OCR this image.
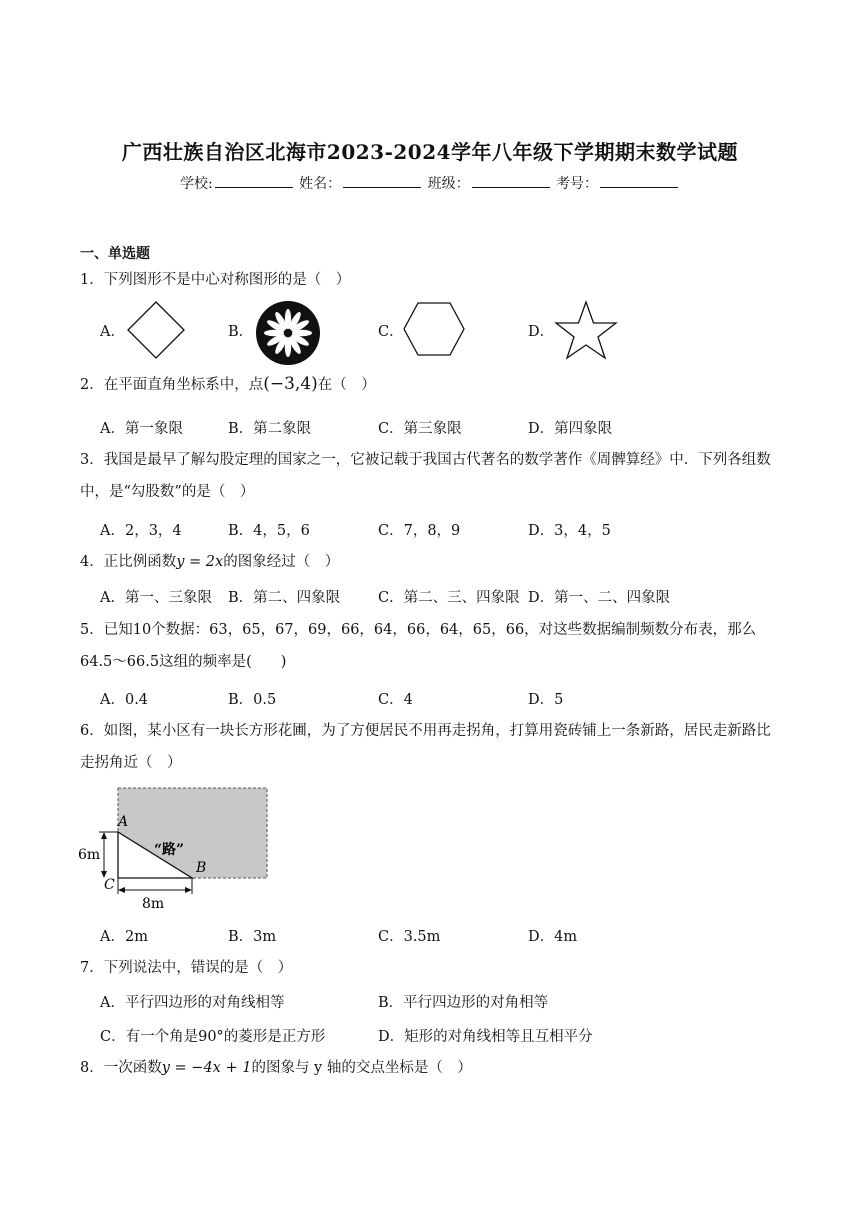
广西壮族自治区北海市2023-2024学年八年级下学期期末数学试题
学校:	姓名：	班级：	考号：
一、单选题
1．下列图形不是中心对称图形的是（　）
A．	B．	C．	D．
2．在平面直角坐标系中，点(−3,4)在（　）
A．第一象限	B．第二象限	C．第三象限	D．第四象限
3．我国是最早了解勾股定理的国家之一，它被记载于我国古代著名的数学著作《周髀算经》中．下列各组数中，是“勾股数”的是（　）
A．2，3，4	B．4，5，6	C．7，8，9	D．3，4，5
4．正比例函数y = 2x的图象经过（　）
A．第一、三象限 B．第二、四象限	C．第二、三、四象限 D．第一、二、四象限
5．已知10个数据：63，65，67，69，66，64，66，64，65，66，对这些数据编制频数分布表，那么64.5～66.5这组的频率是(　　)
A．0.4	B．0.5	C．4	D．5
6．如图，某小区有一块长方形花圃，为了方便居民不用再走拐角，打算用瓷砖铺上一条新路，居民走新路比走拐角近（　）
A
B
C
“路”
6m
8m
A．2m	B．3m	C．3.5m	D．4m
7．下列说法中，错误的是（　）
A．平行四边形的对角线相等	B．平行四边形的对角相等
C．有一个角是90°的菱形是正方形	D．矩形的对角线相等且互相平分
8．一次函数y = −4x + 1的图象与 y 轴的交点坐标是（　）
